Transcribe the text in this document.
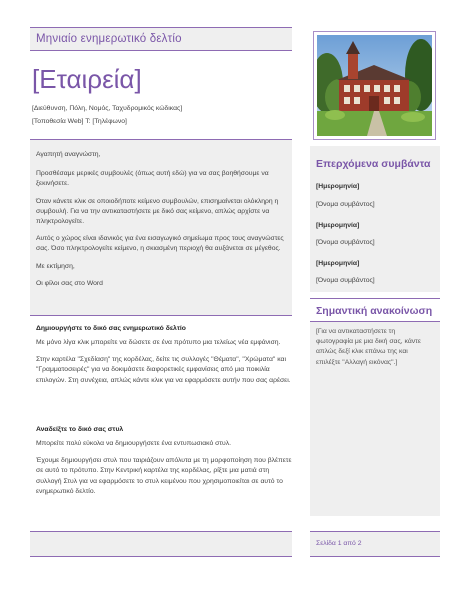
Μηνιαίο ενημερωτικό δελτίο
[Εταιρεία]
[Διεύθυνση, Πόλη, Νομός, Ταχυδρομικός κώδικας]
[Τοποθεσία Web] Τ: [Τηλέφωνο]

Αγαπητή αναγνώστη,

Προσθέσαμε μερικές συμβουλές (όπως αυτή εδώ) για να σας βοηθήσουμε να ξεκινήσετε.

Όταν κάνετε κλικ σε οποιοδήποτε κείμενο συμβουλών, επισημαίνεται ολόκληρη η συμβουλή. Για να την αντικαταστήσετε με δικό σας κείμενο, απλώς αρχίστε να πληκτρολογείτε.

Αυτός ο χώρος είναι ιδανικός για ένα εισαγωγικό σημείωμα προς τους αναγνώστες σας. Όσο πληκτρολογείτε κείμενο, η σκιασμένη περιοχή θα αυξάνεται σε μέγεθος.

Με εκτίμηση,

Οι φίλοι σας στο Word

Δημιουργήστε το δικό σας ενημερωτικό δελτίο

Με μόνο λίγα κλικ μπορείτε να δώσετε σε ένα πρότυπο μια τελείως νέα εμφάνιση.

Στην καρτέλα "Σχεδίαση" της κορδέλας, δείτε τις συλλογές "Θέματα", "Χρώματα" και "Γραμματοσειρές" για να δοκιμάσετε διαφορετικές εμφανίσεις από μια ποικιλία επιλογών. Στη συνέχεια, απλώς κάντε κλικ για να εφαρμόσετε αυτήν που σας αρέσει.

Αναδείξτε το δικό σας στυλ

Μπορείτε πολύ εύκολα να δημιουργήσετε ένα εντυπωσιακό στυλ.

Έχουμε δημιουργήσει στυλ που ταιριάζουν απόλυτα με τη μορφοποίηση που βλέπετε σε αυτό το πρότυπο. Στην Κεντρική καρτέλα της κορδέλας, ρίξτε μια ματιά στη συλλογή Στυλ για να εφαρμόσετε το στυλ κειμένου που χρησιμοποιείται σε αυτό το ενημερωτικό δελτίο.

Επερχόμενα συμβάντα
[Ημερομηνία]
[Όνομα συμβάντος]
[Ημερομηνία]
[Όνομα συμβάντος]
[Ημερομηνία]
[Όνομα συμβάντος]
Σημαντική ανακοίνωση
[Για να αντικαταστήσετε τη φωτογραφία με μια δική σας, κάντε απλώς δεξί κλικ επάνω της και επιλέξτε "Αλλαγή εικόνας".]
Σελίδα 1 από 2
